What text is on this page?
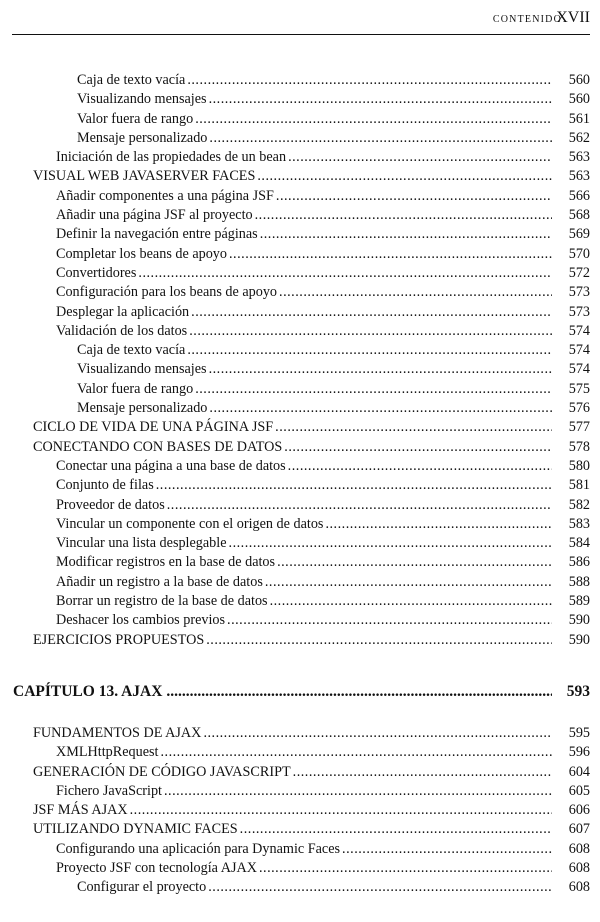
CONTENIDO
XVII
Caja de texto vacía .....	560
Visualizando mensajes .....	560
Valor fuera de rango .....	561
Mensaje personalizado .....	562
Iniciación de las propiedades de un bean .....	563
VISUAL WEB JAVASERVER FACES .....	563
Añadir componentes a una página JSF .....	566
Añadir una página JSF al proyecto .....	568
Definir la navegación entre páginas .....	569
Completar los beans de apoyo .....	570
Convertidores .....	572
Configuración para los beans de apoyo .....	573
Desplegar la aplicación .....	573
Validación de los datos .....	574
Caja de texto vacía .....	574
Visualizando mensajes .....	574
Valor fuera de rango .....	575
Mensaje personalizado .....	576
CICLO DE VIDA DE UNA PÁGINA JSF .....	577
CONECTANDO CON BASES DE DATOS .....	578
Conectar una página a una base de datos .....	580
Conjunto de filas .....	581
Proveedor de datos .....	582
Vincular un componente con el origen de datos .....	583
Vincular una lista desplegable .....	584
Modificar registros en la base de datos .....	586
Añadir un registro a la base de datos .....	588
Borrar un registro de la base de datos .....	589
Deshacer los cambios previos .....	590
EJERCICIOS PROPUESTOS .....	590
CAPÍTULO 13. AJAX .....	593
FUNDAMENTOS DE AJAX .....	595
XMLHttpRequest .....	596
GENERACIÓN DE CÓDIGO JAVASCRIPT .....	604
Fichero JavaScript .....	605
JSF MÁS AJAX .....	606
UTILIZANDO DYNAMIC FACES .....	607
Configurando una aplicación para Dynamic Faces .....	608
Proyecto JSF con tecnología AJAX .....	608
Configurar el proyecto .....	608
